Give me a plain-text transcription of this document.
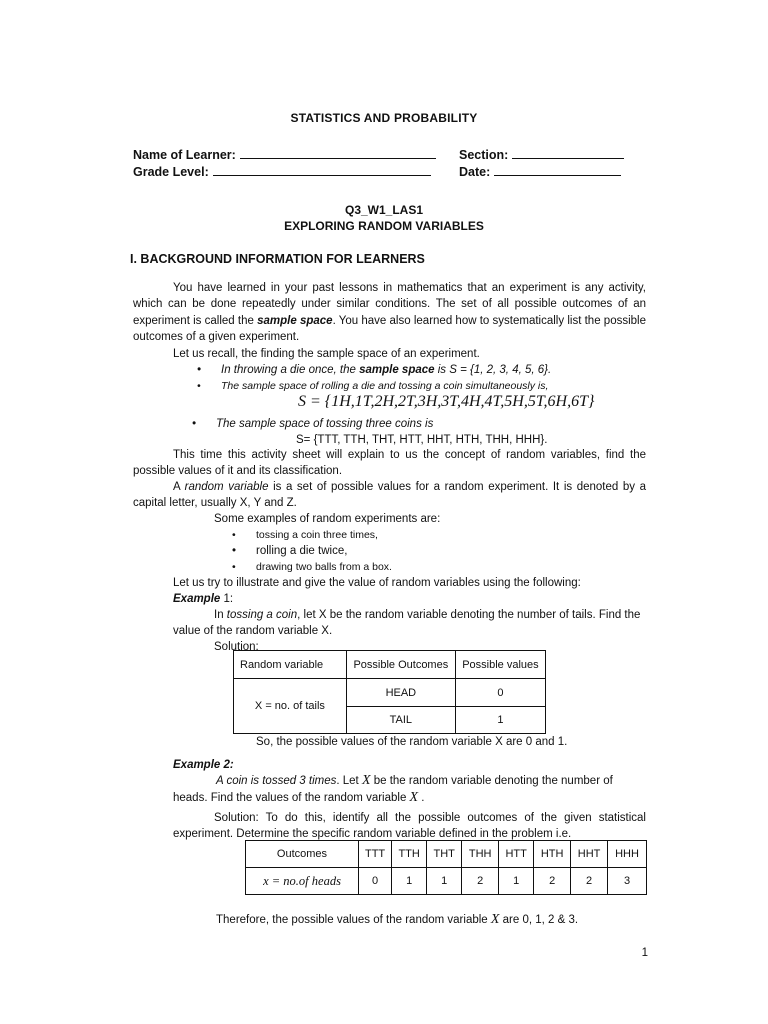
STATISTICS AND PROBABILITY
Name of Learner:	Section:
Grade Level:	Date:
Q3_W1_LAS1
EXPLORING RANDOM VARIABLES
I. BACKGROUND INFORMATION FOR LEARNERS
You have learned in your past lessons in mathematics that an experiment is any activity, which can be done repeatedly under similar conditions. The set of all possible outcomes of an experiment is called the sample space. You have also learned how to systematically list the possible outcomes of a given experiment.
Let us recall, the finding the sample space of an experiment.
• In throwing a die once, the sample space is S = {1, 2, 3, 4, 5, 6}.
• The sample space of rolling a die and tossing a coin simultaneously is,
S = {1H,1T,2H,2T,3H,3T,4H,4T,5H,5T,6H,6T}
• The sample space of tossing three coins is
S= {TTT, TTH, THT, HTT, HHT, HTH, THH, HHH}.
This time this activity sheet will explain to us the concept of random variables, find the possible values of it and its classification.
A random variable is a set of possible values for a random experiment. It is denoted by a capital letter, usually X, Y and Z.
Some examples of random experiments are:
• tossing a coin three times,
• rolling a die twice,
• drawing two balls from a box.
Let us try to illustrate and give the value of random variables using the following:
Example 1:
In tossing a coin, let X be the random variable denoting the number of tails. Find the value of the random variable X.
Solution:
Random variable	Possible Outcomes	Possible values
X = no. of tails	HEAD	0
	TAIL	1
So, the possible values of the random variable X are 0 and 1.
Example 2:
A coin is tossed 3 times. Let X be the random variable denoting the number of
heads. Find the values of the random variable X .
Solution: To do this, identify all the possible outcomes of the given statistical experiment. Determine the specific random variable defined in the problem i.e.
Outcomes	TTT	TTH	THT	THH	HTT	HTH	HHT	HHH
x = no.of heads	0	1	1	2	1	2	2	3
Therefore, the possible values of the random variable X are 0, 1, 2 & 3.
1
